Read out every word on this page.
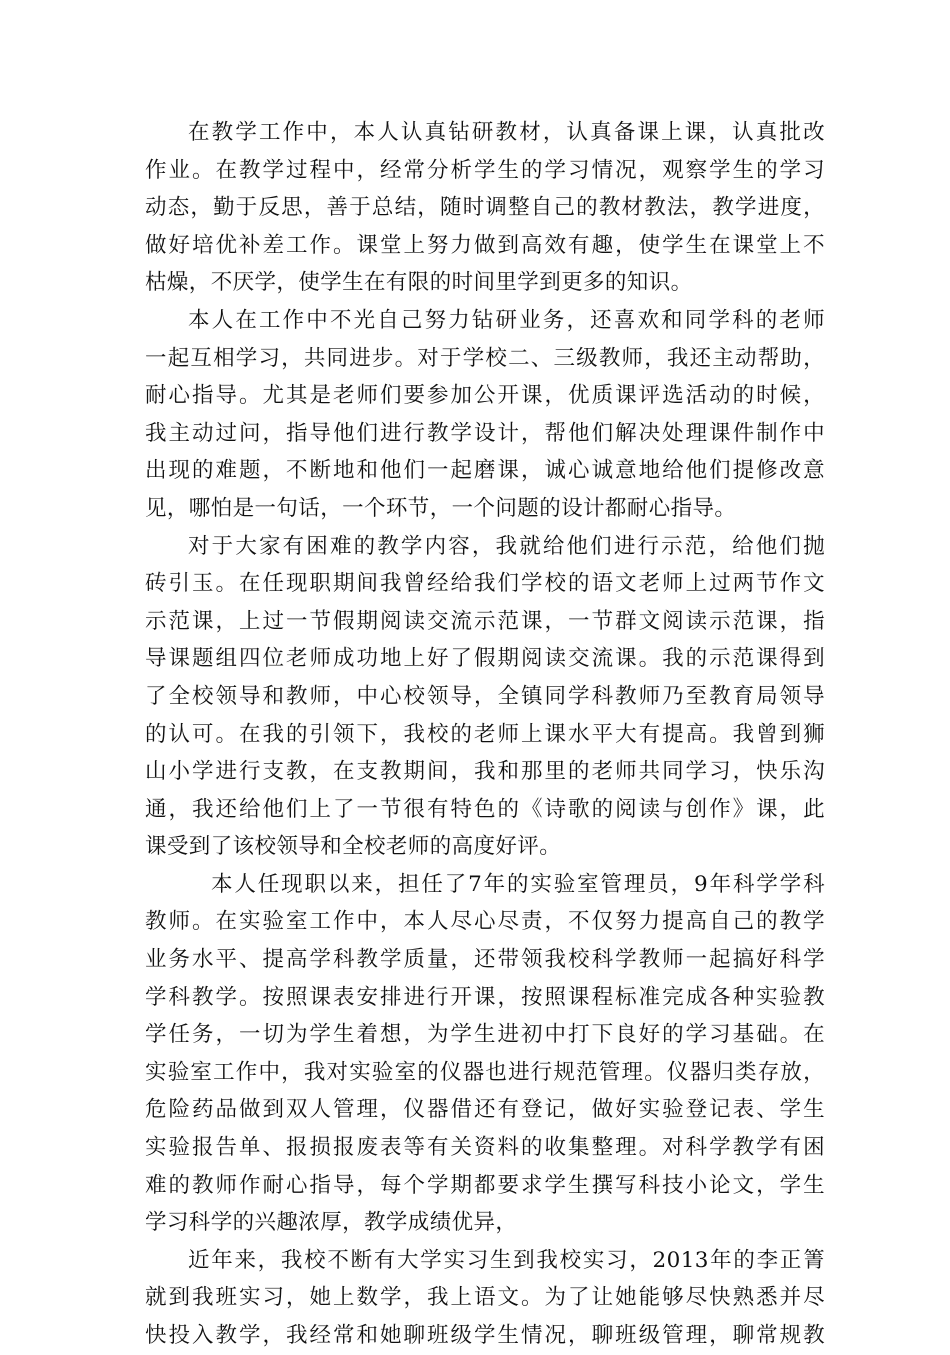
在教学工作中，本人认真钻研教材，认真备课上课，认真批改
作业。在教学过程中，经常分析学生的学习情况，观察学生的学习
动态，勤于反思，善于总结，随时调整自己的教材教法，教学进度，
做好培优补差工作。课堂上努力做到高效有趣，使学生在课堂上不
枯燥，不厌学，使学生在有限的时间里学到更多的知识。
本人在工作中不光自己努力钻研业务，还喜欢和同学科的老师
一起互相学习，共同进步。对于学校二、三级教师，我还主动帮助，
耐心指导。尤其是老师们要参加公开课，优质课评选活动的时候，
我主动过问，指导他们进行教学设计，帮他们解决处理课件制作中
出现的难题，不断地和他们一起磨课，诚心诚意地给他们提修改意
见，哪怕是一句话，一个环节，一个问题的设计都耐心指导。
对于大家有困难的教学内容，我就给他们进行示范，给他们抛
砖引玉。在任现职期间我曾经给我们学校的语文老师上过两节作文
示范课，上过一节假期阅读交流示范课，一节群文阅读示范课，指
导课题组四位老师成功地上好了假期阅读交流课。我的示范课得到
了全校领导和教师，中心校领导，全镇同学科教师乃至教育局领导
的认可。在我的引领下，我校的老师上课水平大有提高。我曾到狮
山小学进行支教，在支教期间，我和那里的老师共同学习，快乐沟
通，我还给他们上了一节很有特色的《诗歌的阅读与创作》课，此
课受到了该校领导和全校老师的高度好评。
本人任现职以来，担任了7年的实验室管理员，9年科学学科
教师。在实验室工作中，本人尽心尽责，不仅努力提高自己的教学
业务水平、提高学科教学质量，还带领我校科学教师一起搞好科学
学科教学。按照课表安排进行开课，按照课程标准完成各种实验教
学任务，一切为学生着想，为学生进初中打下良好的学习基础。在
实验室工作中，我对实验室的仪器也进行规范管理。仪器归类存放，
危险药品做到双人管理，仪器借还有登记，做好实验登记表、学生
实验报告单、报损报废表等有关资料的收集整理。对科学教学有困
难的教师作耐心指导，每个学期都要求学生撰写科技小论文，学生
学习科学的兴趣浓厚，教学成绩优异，
近年来，我校不断有大学实习生到我校实习，2013年的李正箐
就到我班实习，她上数学，我上语文。为了让她能够尽快熟悉并尽
快投入教学，我经常和她聊班级学生情况，聊班级管理，聊常规教
